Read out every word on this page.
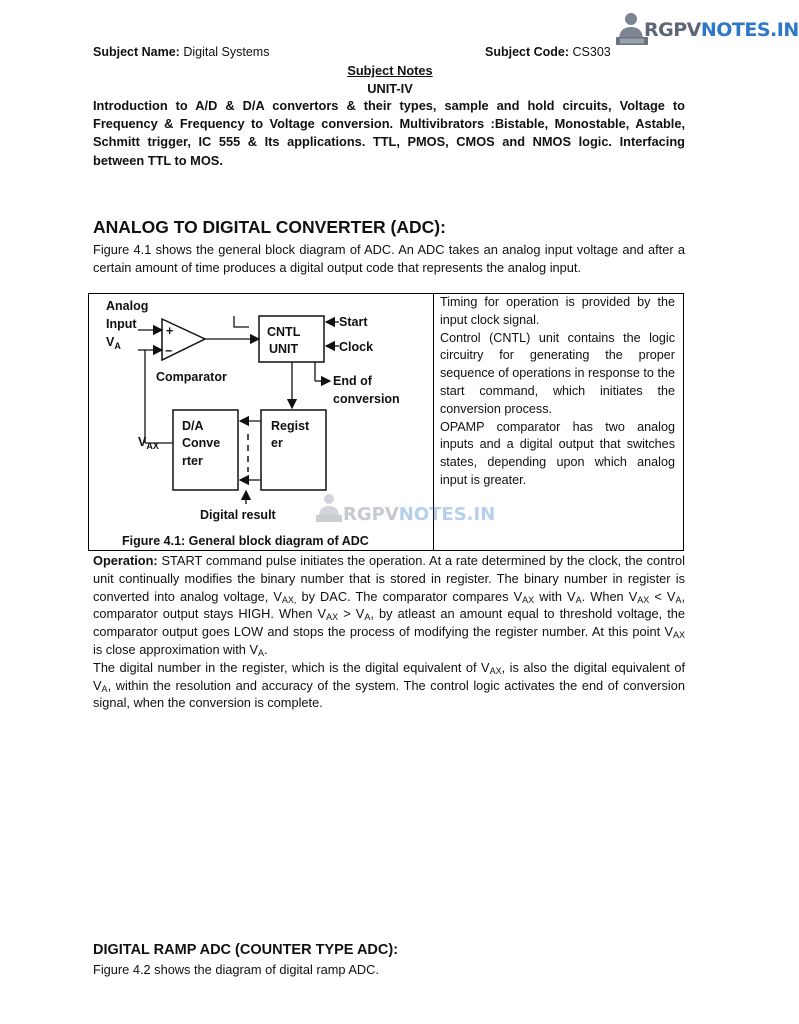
Subject Name: Digital Systems	Subject Code: CS303
RGPVNOTES.IN
Subject Notes
UNIT-IV
Introduction to A/D & D/A convertors & their types, sample and hold circuits, Voltage to Frequency & Frequency to Voltage conversion. Multivibrators :Bistable, Monostable, Astable, Schmitt trigger, IC 555 & Its applications. TTL, PMOS, CMOS and NMOS logic. Interfacing between TTL to MOS.
ANALOG TO DIGITAL CONVERTER (ADC):
Figure 4.1 shows the general block diagram of ADC. An ADC takes an analog input voltage and after a certain amount of time produces a digital output code that represents the analog input.
+
−
CNTL
UNIT
Start
Clock
End of
conversion
Regist
er
D/A
Conve
rter
$V_{AX}$
Digital result
Analog
Input
$V_A$
Comparator
RGPVNOTES.IN
Figure 4.1: General block diagram of ADC

Timing for operation is provided by the input clock signal.

Control (CNTL) unit contains the logic circuitry for generating the proper sequence of operations in response to the start command, which initiates the conversion process.

OPAMP comparator has two analog inputs and a digital output that switches states, depending upon which analog input is greater.

Operation: START command pulse initiates the operation. At a rate determined by the clock, the control unit continually modifies the binary number that is stored in register. The binary number in register is converted into analog voltage, $V_{AX,}$ by DAC. The comparator compares $V_{AX}$ with $V_A$. When $V_{AX} < V_A$, comparator output stays HIGH. When $V_{AX} > V_A$, by atleast an amount equal to threshold voltage, the comparator output goes LOW and stops the process of modifying the register number. At this point $V_{AX}$ is close approximation with $V_A$.

The digital number in the register, which is the digital equivalent of $V_{AX}$, is also the digital equivalent of $V_A$, within the resolution and accuracy of the system. The control logic activates the end of conversion signal, when the conversion is complete.

DIGITAL RAMP ADC (COUNTER TYPE ADC):
Figure 4.2 shows the diagram of digital ramp ADC.
